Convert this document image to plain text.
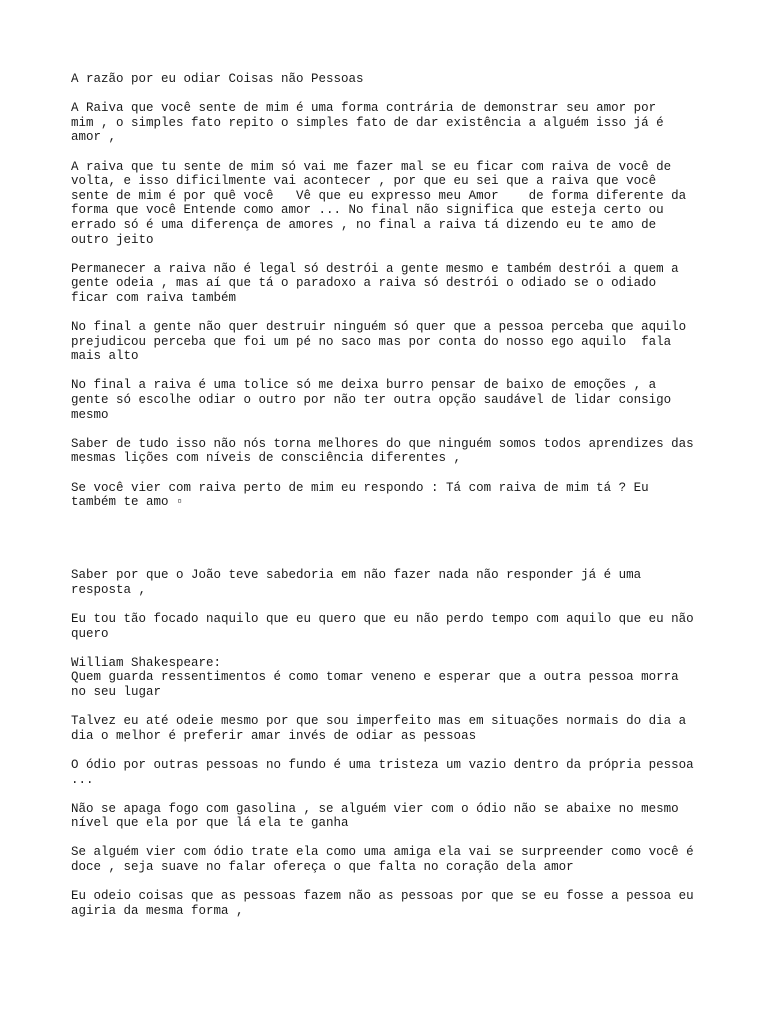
A razão por eu odiar Coisas não Pessoas
A Raiva que você sente de mim é uma forma contrária de demonstrar seu amor por
mim , o simples fato repito o simples fato de dar existência a alguém isso já é
amor ,
A raiva que tu sente de mim só vai me fazer mal se eu ficar com raiva de você de
volta, e isso dificilmente vai acontecer , por que eu sei que a raiva que você
sente de mim é por quê você   Vê que eu expresso meu Amor    de forma diferente da
forma que você Entende como amor ... No final não significa que esteja certo ou
errado só é uma diferença de amores , no final a raiva tá dizendo eu te amo de
outro jeito
Permanecer a raiva não é legal só destrói a gente mesmo e também destrói a quem a
gente odeia , mas aí que tá o paradoxo a raiva só destrói o odiado se o odiado
ficar com raiva também
No final a gente não quer destruir ninguém só quer que a pessoa perceba que aquilo
prejudicou perceba que foi um pé no saco mas por conta do nosso ego aquilo  fala
mais alto
No final a raiva é uma tolice só me deixa burro pensar de baixo de emoções , a
gente só escolhe odiar o outro por não ter outra opção saudável de lidar consigo
mesmo
Saber de tudo isso não nós torna melhores do que ninguém somos todos aprendizes das
mesmas lições com níveis de consciência diferentes ,
Se você vier com raiva perto de mim eu respondo : Tá com raiva de mim tá ? Eu
também te amo ▫
Saber por que o João teve sabedoria em não fazer nada não responder já é uma
resposta ,
Eu tou tão focado naquilo que eu quero que eu não perdo tempo com aquilo que eu não
quero
William Shakespeare:
Quem guarda ressentimentos é como tomar veneno e esperar que a outra pessoa morra
no seu lugar
Talvez eu até odeie mesmo por que sou imperfeito mas em situações normais do dia a
dia o melhor é preferir amar invés de odiar as pessoas
O ódio por outras pessoas no fundo é uma tristeza um vazio dentro da própria pessoa
...
Não se apaga fogo com gasolina , se alguém vier com o ódio não se abaixe no mesmo
nível que ela por que lá ela te ganha
Se alguém vier com ódio trate ela como uma amiga ela vai se surpreender como você é
doce , seja suave no falar ofereça o que falta no coração dela amor
Eu odeio coisas que as pessoas fazem não as pessoas por que se eu fosse a pessoa eu
agiria da mesma forma ,
